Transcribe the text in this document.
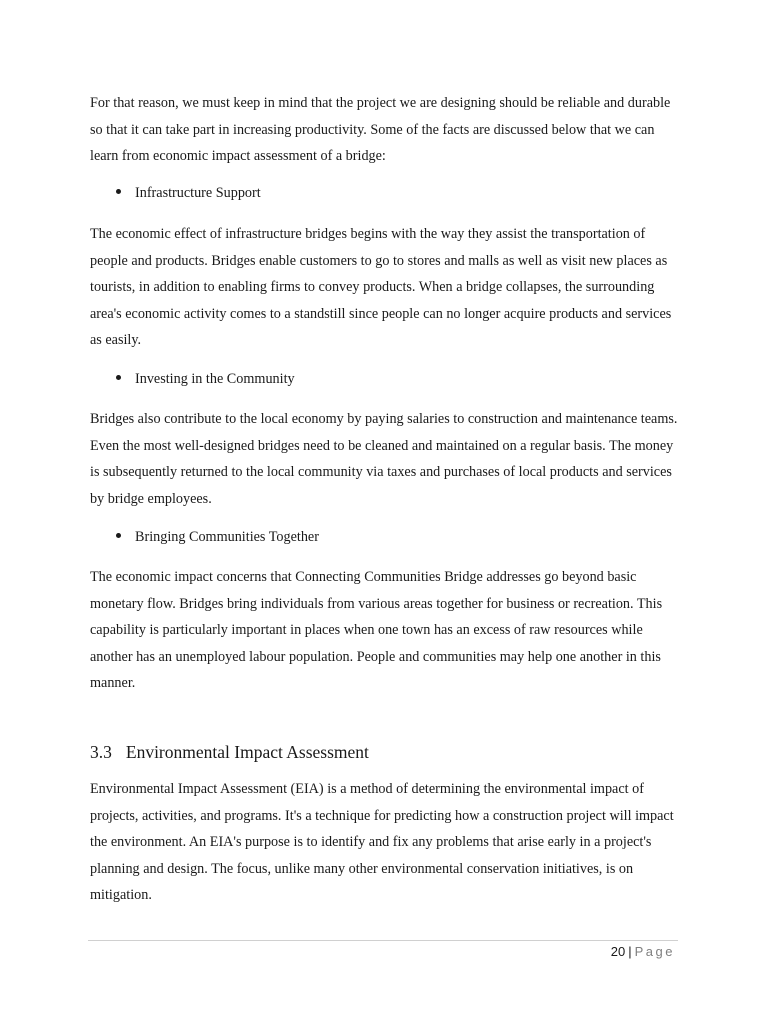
For that reason, we must keep in mind that the project we are designing should be reliable and durable so that it can take part in increasing productivity. Some of the facts are discussed below that we can learn from economic impact assessment of a bridge:

Infrastructure Support

The economic effect of infrastructure bridges begins with the way they assist the transportation of people and products. Bridges enable customers to go to stores and malls as well as visit new places as tourists, in addition to enabling firms to convey products. When a bridge collapses, the surrounding area's economic activity comes to a standstill since people can no longer acquire products and services as easily.

Investing in the Community

Bridges also contribute to the local economy by paying salaries to construction and maintenance teams. Even the most well-designed bridges need to be cleaned and maintained on a regular basis. The money is subsequently returned to the local community via taxes and purchases of local products and services by bridge employees.

Bringing Communities Together

The economic impact concerns that Connecting Communities Bridge addresses go beyond basic monetary flow. Bridges bring individuals from various areas together for business or recreation. This capability is particularly important in places when one town has an excess of raw resources while another has an unemployed labour population. People and communities may help one another in this manner.

3.3 Environmental Impact Assessment

Environmental Impact Assessment (EIA) is a method of determining the environmental impact of projects, activities, and programs. It's a technique for predicting how a construction project will impact the environment. An EIA's purpose is to identify and fix any problems that arise early in a project's planning and design. The focus, unlike many other environmental conservation initiatives, is on mitigation.

20 | Page
